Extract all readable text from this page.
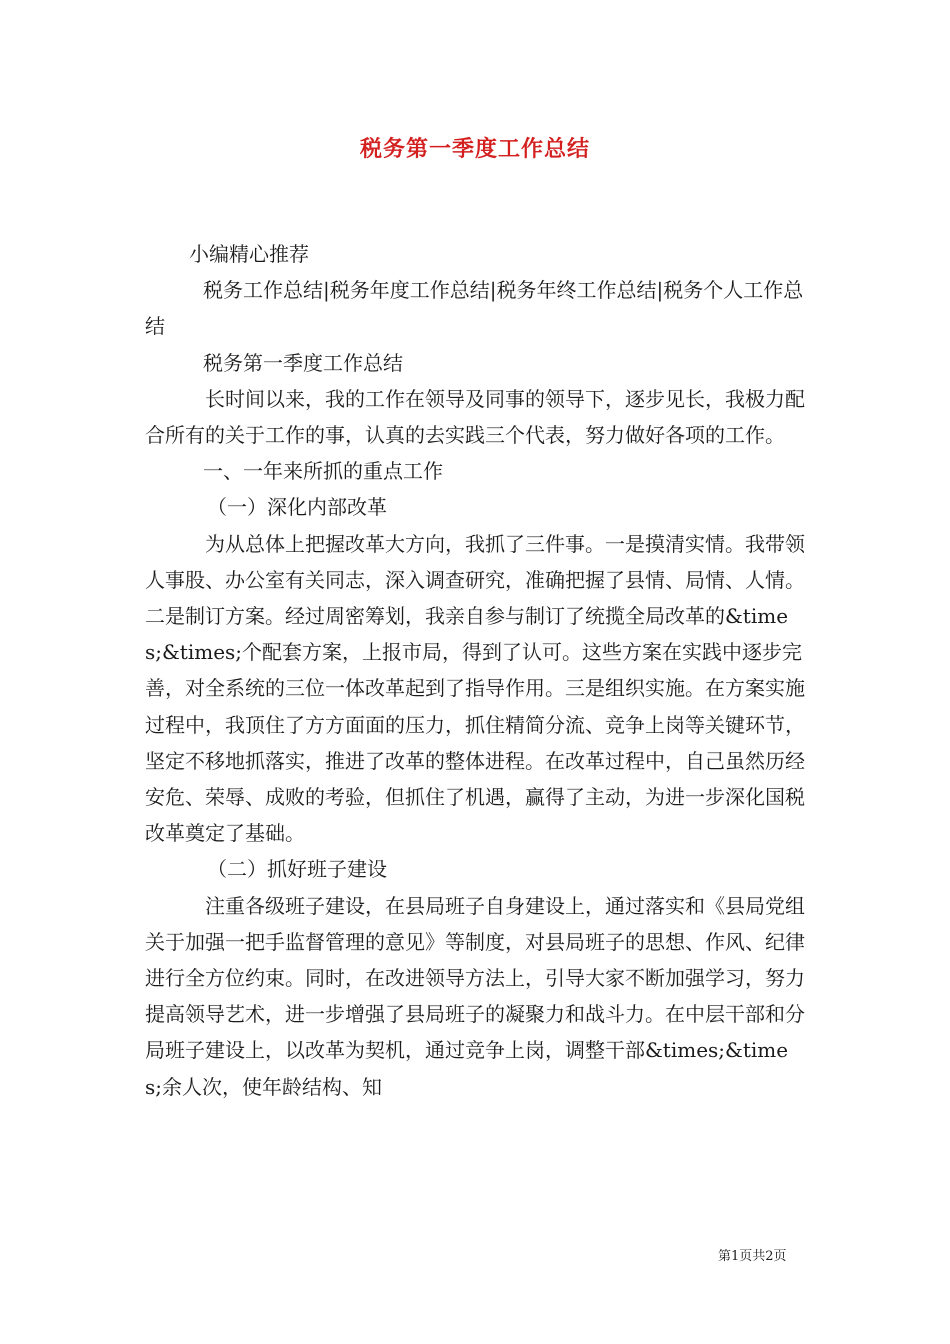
税务第一季度工作总结

小编精心推荐

税务工作总结|税务年度工作总结|税务年终工作总结|税务个人工作总结

税务第一季度工作总结

长时间以来，我的工作在领导及同事的领导下，逐步见长，我极力配合所有的关于工作的事，认真的去实践三个代表，努力做好各项的工作。

一、一年来所抓的重点工作

（一）深化内部改革

为从总体上把握改革大方向，我抓了三件事。一是摸清实情。我带领人事股、办公室有关同志，深入调查研究，准确把握了县情、局情、人情。二是制订方案。经过周密筹划，我亲自参与制订了统揽全局改革的&times;&times;个配套方案，上报市局，得到了认可。这些方案在实践中逐步完善，对全系统的三位一体改革起到了指导作用。三是组织实施。在方案实施过程中，我顶住了方方面面的压力，抓住精简分流、竞争上岗等关键环节，坚定不移地抓落实，推进了改革的整体进程。在改革过程中，自己虽然历经安危、荣辱、成败的考验，但抓住了机遇，赢得了主动，为进一步深化国税改革奠定了基础。

（二）抓好班子建设

注重各级班子建设，在县局班子自身建设上，通过落实和《县局党组关于加强一把手监督管理的意见》等制度，对县局班子的思想、作风、纪律进行全方位约束。同时，在改进领导方法上，引导大家不断加强学习，努力提高领导艺术，进一步增强了县局班子的凝聚力和战斗力。在中层干部和分局班子建设上，以改革为契机，通过竞争上岗，调整干部&times;&times;余人次，使年龄结构、知

第1页共2页
